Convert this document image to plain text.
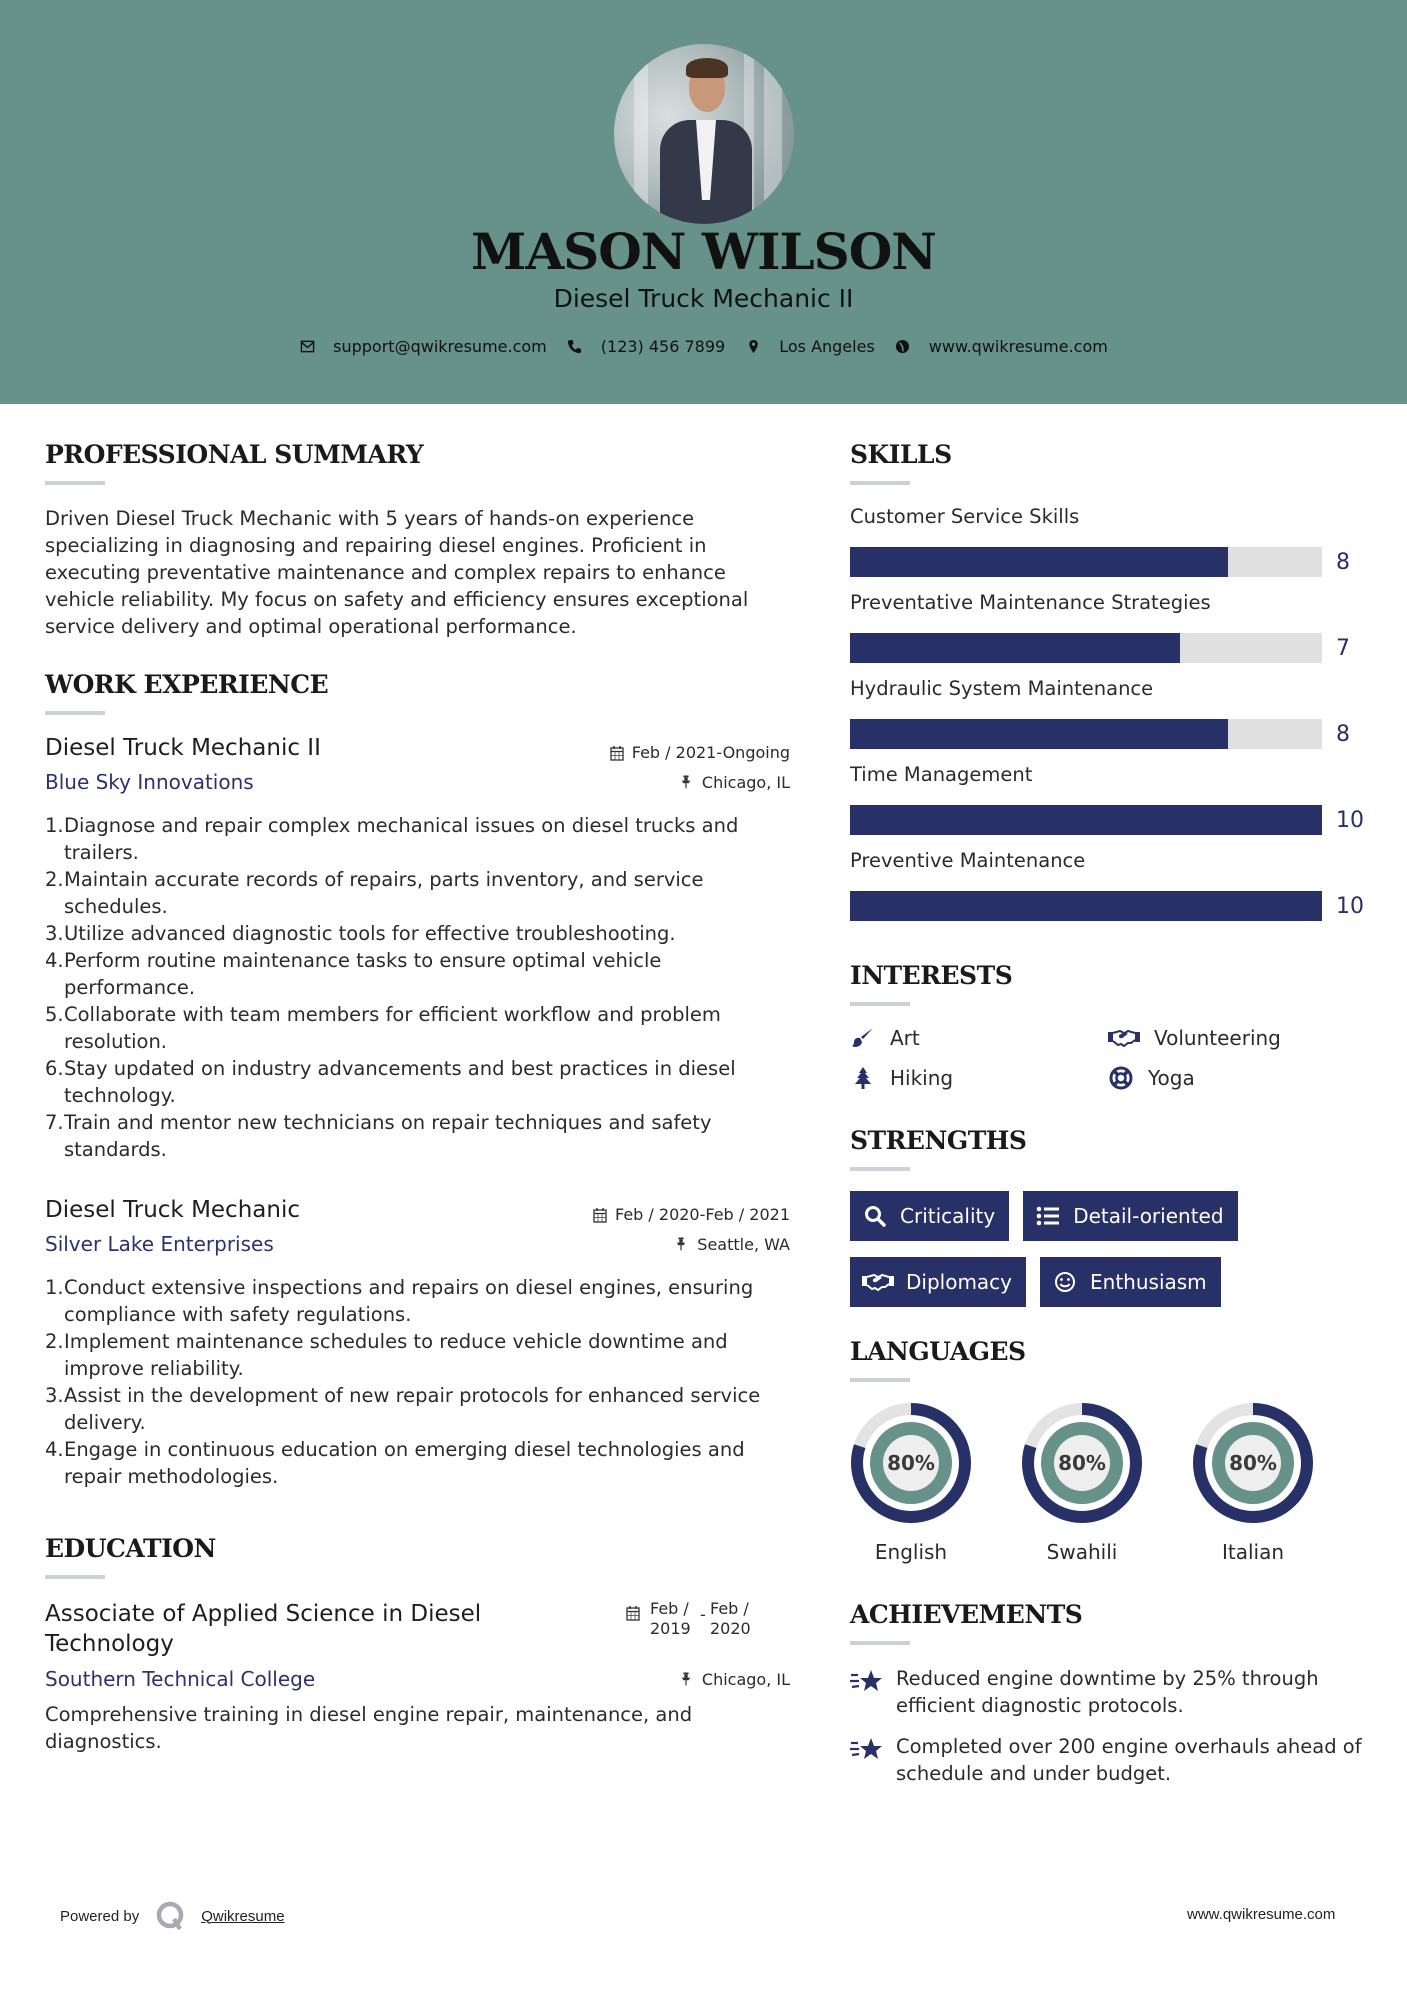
MASON WILSON
Diesel Truck Mechanic II
support@qwikresume.com	(123) 456 7899	Los Angeles	www.qwikresume.com
PROFESSIONAL SUMMARY

Driven Diesel Truck Mechanic with 5 years of hands-on experience specializing in diagnosing and repairing diesel engines. Proficient in executing preventative maintenance and complex repairs to enhance vehicle reliability. My focus on safety and efficiency ensures exceptional service delivery and optimal operational performance.

WORK EXPERIENCE
Diesel Truck Mechanic II	Feb / 2021-Ongoing
Blue Sky Innovations	Chicago, IL
1. Diagnose and repair complex mechanical issues on diesel trucks and trailers.
2. Maintain accurate records of repairs, parts inventory, and service schedules.
3. Utilize advanced diagnostic tools for effective troubleshooting.
4. Perform routine maintenance tasks to ensure optimal vehicle performance.
5. Collaborate with team members for efficient workflow and problem resolution.
6. Stay updated on industry advancements and best practices in diesel technology.
7. Train and mentor new technicians on repair techniques and safety standards.
Diesel Truck Mechanic	Feb / 2020-Feb / 2021
Silver Lake Enterprises	Seattle, WA
1. Conduct extensive inspections and repairs on diesel engines, ensuring compliance with safety regulations.
2. Implement maintenance schedules to reduce vehicle downtime and improve reliability.
3. Assist in the development of new repair protocols for enhanced service delivery.
4. Engage in continuous education on emerging diesel technologies and repair methodologies.
EDUCATION
Associate of Applied Science in Diesel Technology
Feb /
2019
- Feb /
2020
Southern Technical College	Chicago, IL

Comprehensive training in diesel engine repair, maintenance, and diagnostics.

SKILLS
Customer Service Skills
8
Preventative Maintenance Strategies
7
Hydraulic System Maintenance
8
Time Management
10
Preventive Maintenance
10
INTERESTS
Art	Volunteering
Hiking	Yoga
STRENGTHS
Criticality	Detail-oriented
Diplomacy	Enthusiasm
LANGUAGES
80%
English
80%
Swahili
80%
Italian
ACHIEVEMENTS
Reduced engine downtime by 25% through efficient diagnostic protocols.
Completed over 200 engine overhauls ahead of schedule and under budget.
Powered by	Qwikresume	www.qwikresume.com
